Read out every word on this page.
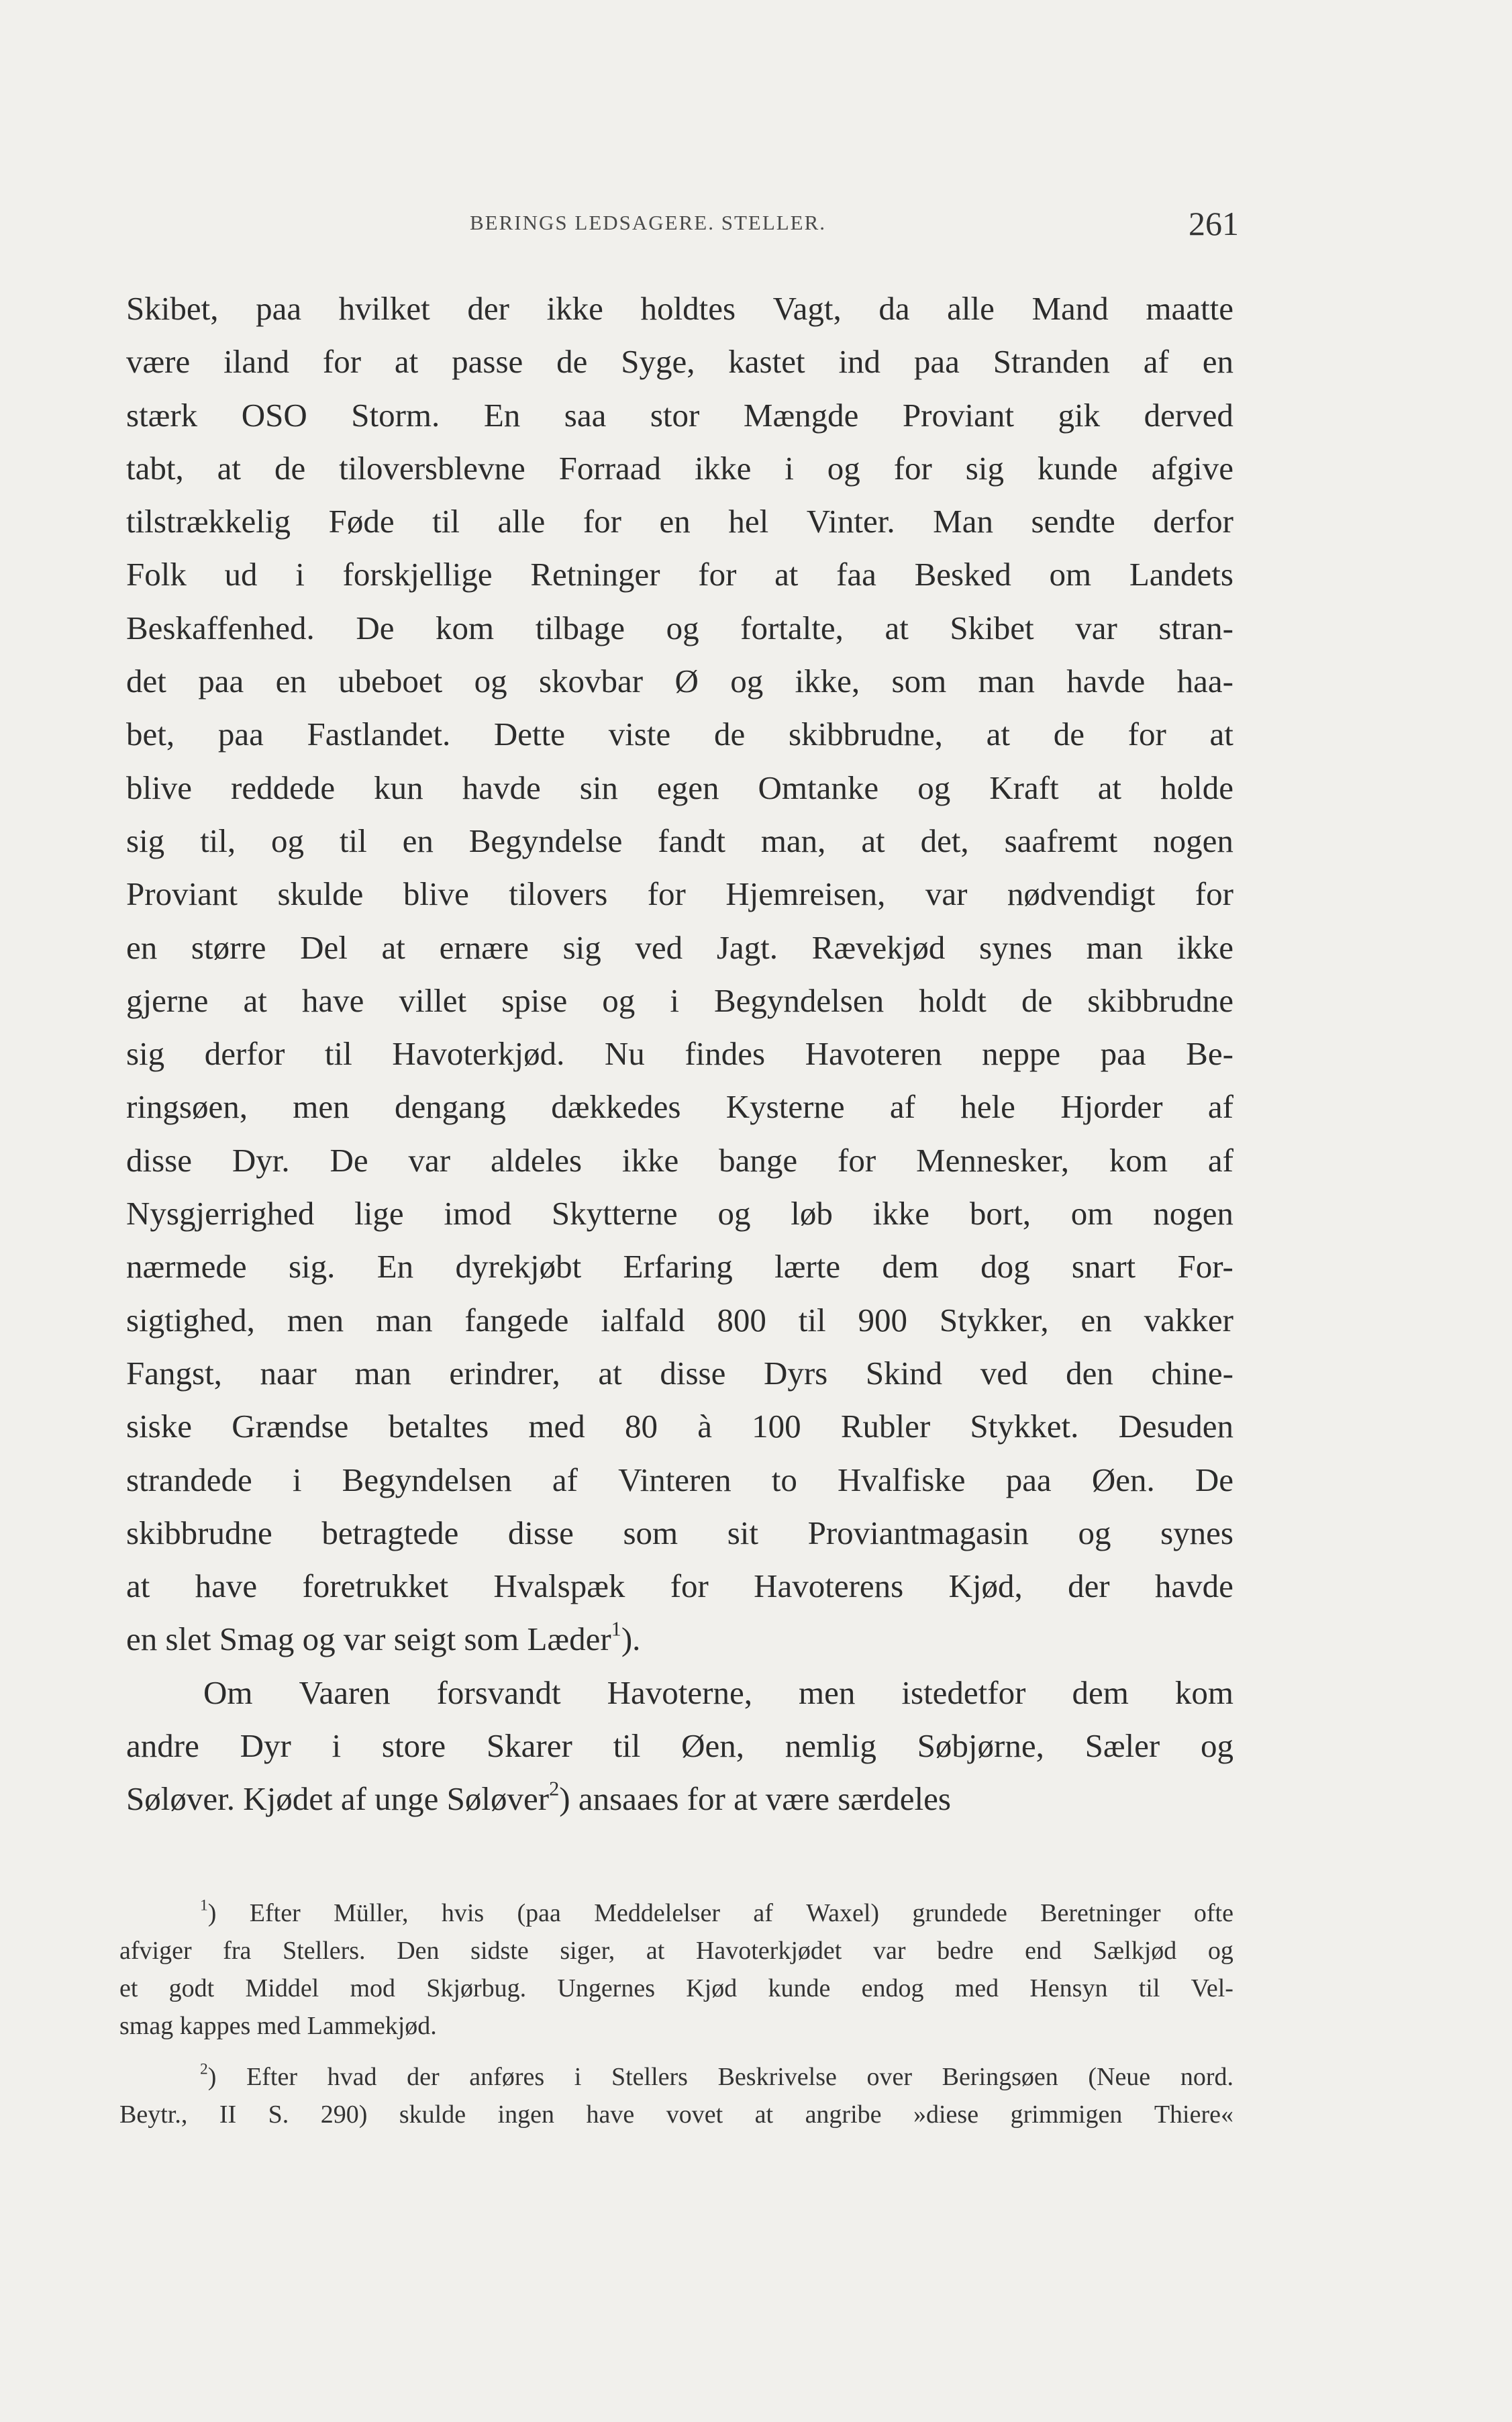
BERINGS LEDSAGERE. STELLER.	261
Skibet, paa hvilket der ikke holdtes Vagt, da alle Mand maatte
være iland for at passe de Syge, kastet ind paa Stranden af en
stærk OSO Storm. En saa stor Mængde Proviant gik derved
tabt, at de tiloversblevne Forraad ikke i og for sig kunde afgive
tilstrækkelig Føde til alle for en hel Vinter. Man sendte derfor
Folk ud i forskjellige Retninger for at faa Besked om Landets
Beskaffenhed. De kom tilbage og fortalte, at Skibet var stran-
det paa en ubeboet og skovbar Ø og ikke, som man havde haa-
bet, paa Fastlandet. Dette viste de skibbrudne, at de for at
blive reddede kun havde sin egen Omtanke og Kraft at holde
sig til, og til en Begyndelse fandt man, at det, saafremt nogen
Proviant skulde blive tilovers for Hjemreisen, var nødvendigt for
en større Del at ernære sig ved Jagt. Rævekjød synes man ikke
gjerne at have villet spise og i Begyndelsen holdt de skibbrudne
sig derfor til Havoterkjød. Nu findes Havoteren neppe paa Be-
ringsøen, men dengang dækkedes Kysterne af hele Hjorder af
disse Dyr. De var aldeles ikke bange for Mennesker, kom af
Nysgjerrighed lige imod Skytterne og løb ikke bort, om nogen
nærmede sig. En dyrekjøbt Erfaring lærte dem dog snart For-
sigtighed, men man fangede ialfald 800 til 900 Stykker, en vakker
Fangst, naar man erindrer, at disse Dyrs Skind ved den chine-
siske Grændse betaltes med 80 à 100 Rubler Stykket. Desuden
strandede i Begyndelsen af Vinteren to Hvalfiske paa Øen. De
skibbrudne betragtede disse som sit Proviantmagasin og synes
at have foretrukket Hvalspæk for Havoterens Kjød, der havde
en slet Smag og var seigt som Læder$^1$).
Om Vaaren forsvandt Havoterne, men istedetfor dem kom
andre Dyr i store Skarer til Øen, nemlig Søbjørne, Sæler og
Søløver. Kjødet af unge Søløver$^2$) ansaaes for at være særdeles
$^1$) Efter Müller, hvis (paa Meddelelser af Waxel) grundede Beretninger ofte
afviger fra Stellers. Den sidste siger, at Havoterkjødet var bedre end Sælkjød og
et godt Middel mod Skjørbug. Ungernes Kjød kunde endog med Hensyn til Vel-
smag kappes med Lammekjød.
$^2$) Efter hvad der anføres i Stellers Beskrivelse over Beringsøen (Neue nord.
Beytr., II S. 290) skulde ingen have vovet at angribe »diese grimmigen Thiere«
